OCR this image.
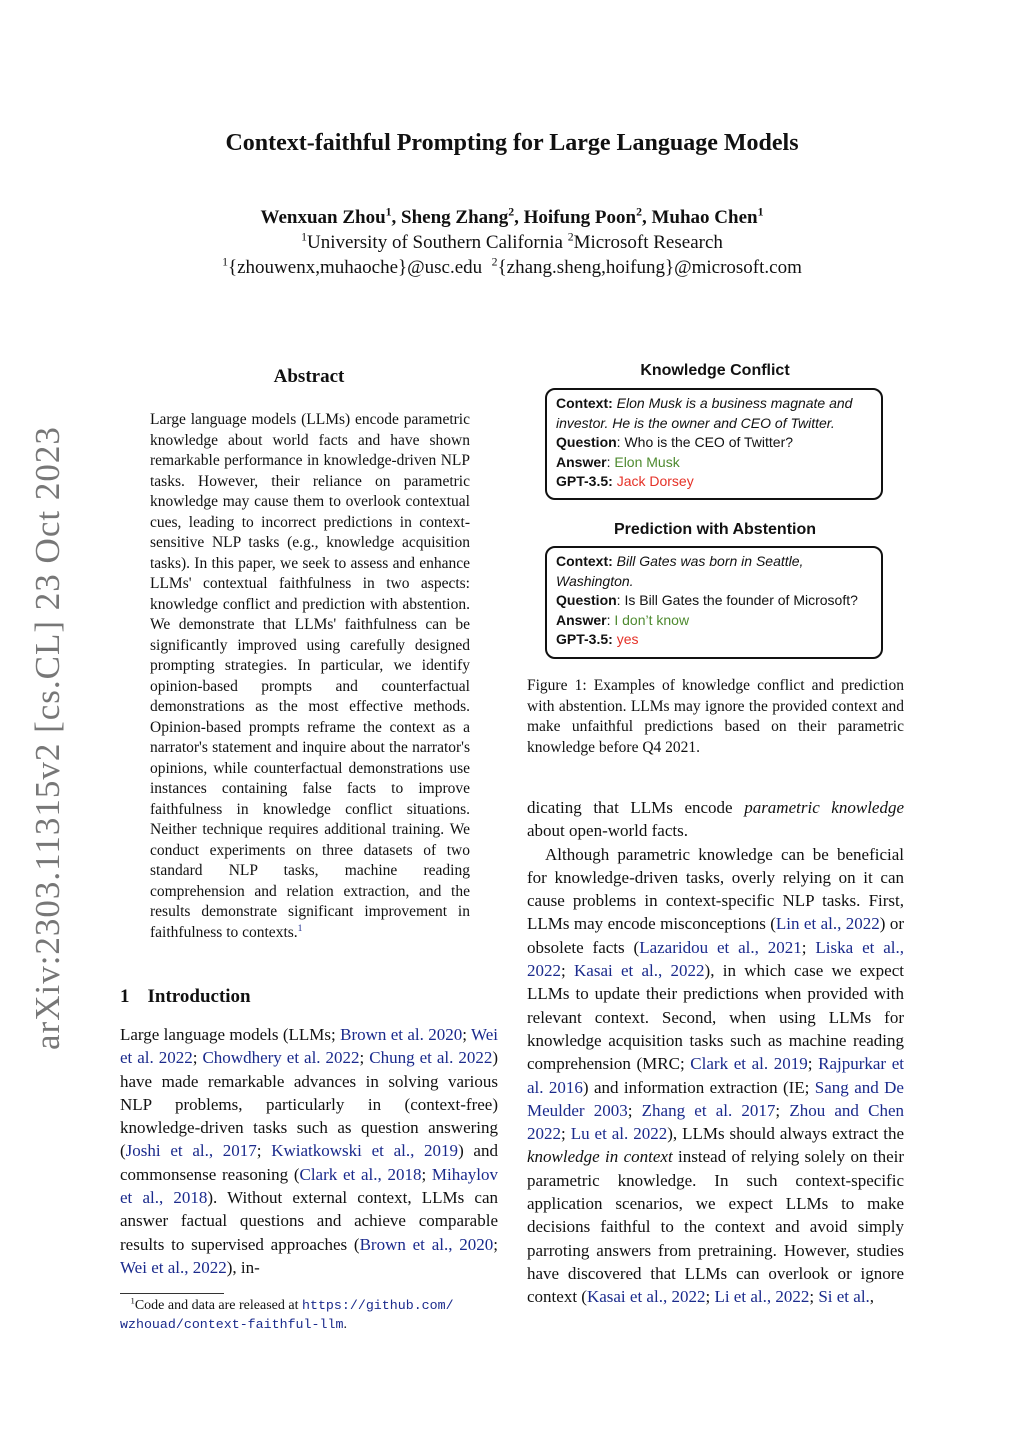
Context-faithful Prompting for Large Language Models
Wenxuan Zhou$^1$, Sheng Zhang$^2$, Hoifung Poon$^2$, Muhao Chen$^1$
$^1$University of Southern California $^2$Microsoft Research
$^1${zhouwenx,muhaoche}@usc.edu $^2${zhang.sheng,hoifung}@microsoft.com
arXiv:2303.11315v2 [cs.CL] 23 Oct 2023
Abstract
Large language models (LLMs) encode parametric knowledge about world facts and have shown remarkable performance in knowledge-driven NLP tasks. However, their reliance on parametric knowledge may cause them to overlook contextual cues, leading to incorrect predictions in context-sensitive NLP tasks (e.g., knowledge acquisition tasks). In this paper, we seek to assess and enhance LLMs' contextual faithfulness in two aspects: knowledge conflict and prediction with abstention. We demonstrate that LLMs' faithfulness can be significantly improved using carefully designed prompting strategies. In particular, we identify opinion-based prompts and counterfactual demonstrations as the most effective methods. Opinion-based prompts reframe the context as a narrator's statement and inquire about the narrator's opinions, while counterfactual demonstrations use instances containing false facts to improve faithfulness in knowledge conflict situations. Neither technique requires additional training. We conduct experiments on three datasets of two standard NLP tasks, machine reading comprehension and relation extraction, and the results demonstrate significant improvement in faithfulness to contexts.$^1$
1 Introduction
Large language models (LLMs; Brown et al. 2020; Wei et al. 2022; Chowdhery et al. 2022; Chung et al. 2022) have made remarkable advances in solving various NLP problems, particularly in (context-free) knowledge-driven tasks such as question answering (Joshi et al., 2017; Kwiatkowski et al., 2019) and commonsense reasoning (Clark et al., 2018; Mihaylov et al., 2018). Without external context, LLMs can answer factual questions and achieve comparable results to supervised approaches (Brown et al., 2020; Wei et al., 2022), in-
$^1$Code and data are released at https://github.com/
wzhouad/context-faithful-llm.
Knowledge Conflict
Context: Elon Musk is a business magnate and investor. He is the owner and CEO of Twitter.
Question: Who is the CEO of Twitter?
Answer: Elon Musk
GPT-3.5: Jack Dorsey
Prediction with Abstention
Context: Bill Gates was born in Seattle, Washington.
Question: Is Bill Gates the founder of Microsoft?
Answer: I don’t know
GPT-3.5: yes
Figure 1: Examples of knowledge conflict and prediction with abstention. LLMs may ignore the provided context and make unfaithful predictions based on their parametric knowledge before Q4 2021.
dicating that LLMs encode parametric knowledge about open-world facts.
Although parametric knowledge can be beneficial for knowledge-driven tasks, overly relying on it can cause problems in context-specific NLP tasks. First, LLMs may encode misconceptions (Lin et al., 2022) or obsolete facts (Lazaridou et al., 2021; Liska et al., 2022; Kasai et al., 2022), in which case we expect LLMs to update their predictions when provided with relevant context. Second, when using LLMs for knowledge acquisition tasks such as machine reading comprehension (MRC; Clark et al. 2019; Rajpurkar et al. 2016) and information extraction (IE; Sang and De Meulder 2003; Zhang et al. 2017; Zhou and Chen 2022; Lu et al. 2022), LLMs should always extract the knowledge in context instead of relying solely on their parametric knowledge. In such context-specific application scenarios, we expect LLMs to make decisions faithful to the context and avoid simply parroting answers from pretraining. However, studies have discovered that LLMs can overlook or ignore context (Kasai et al., 2022; Li et al., 2022; Si et al.,
